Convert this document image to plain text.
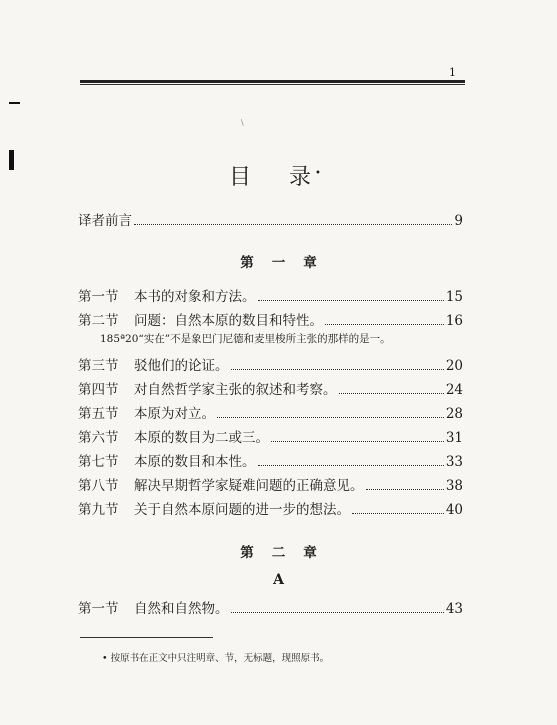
1
/
目 录 •
译者前言	9
第 一 章
第一节	本书的对象和方法。	15
第二节	问题：自然本原的数目和特性。	16
185ª20“实在”不是象巴门尼德和麦里梭所主张的那样的是一。
第三节	驳他们的论证。	20
第四节	对自然哲学家主张的叙述和考察。	24
第五节	本原为对立。	28
第六节	本原的数目为二或三。	31
第七节	本原的数目和本性。	33
第八节	解决早期哲学家疑难问题的正确意见。	38
第九节	关于自然本原问题的进一步的想法。	40
第 二 章
A
第一节	自然和自然物。	43
• 按原书在正文中只注明章、节，无标题，现照原书。
